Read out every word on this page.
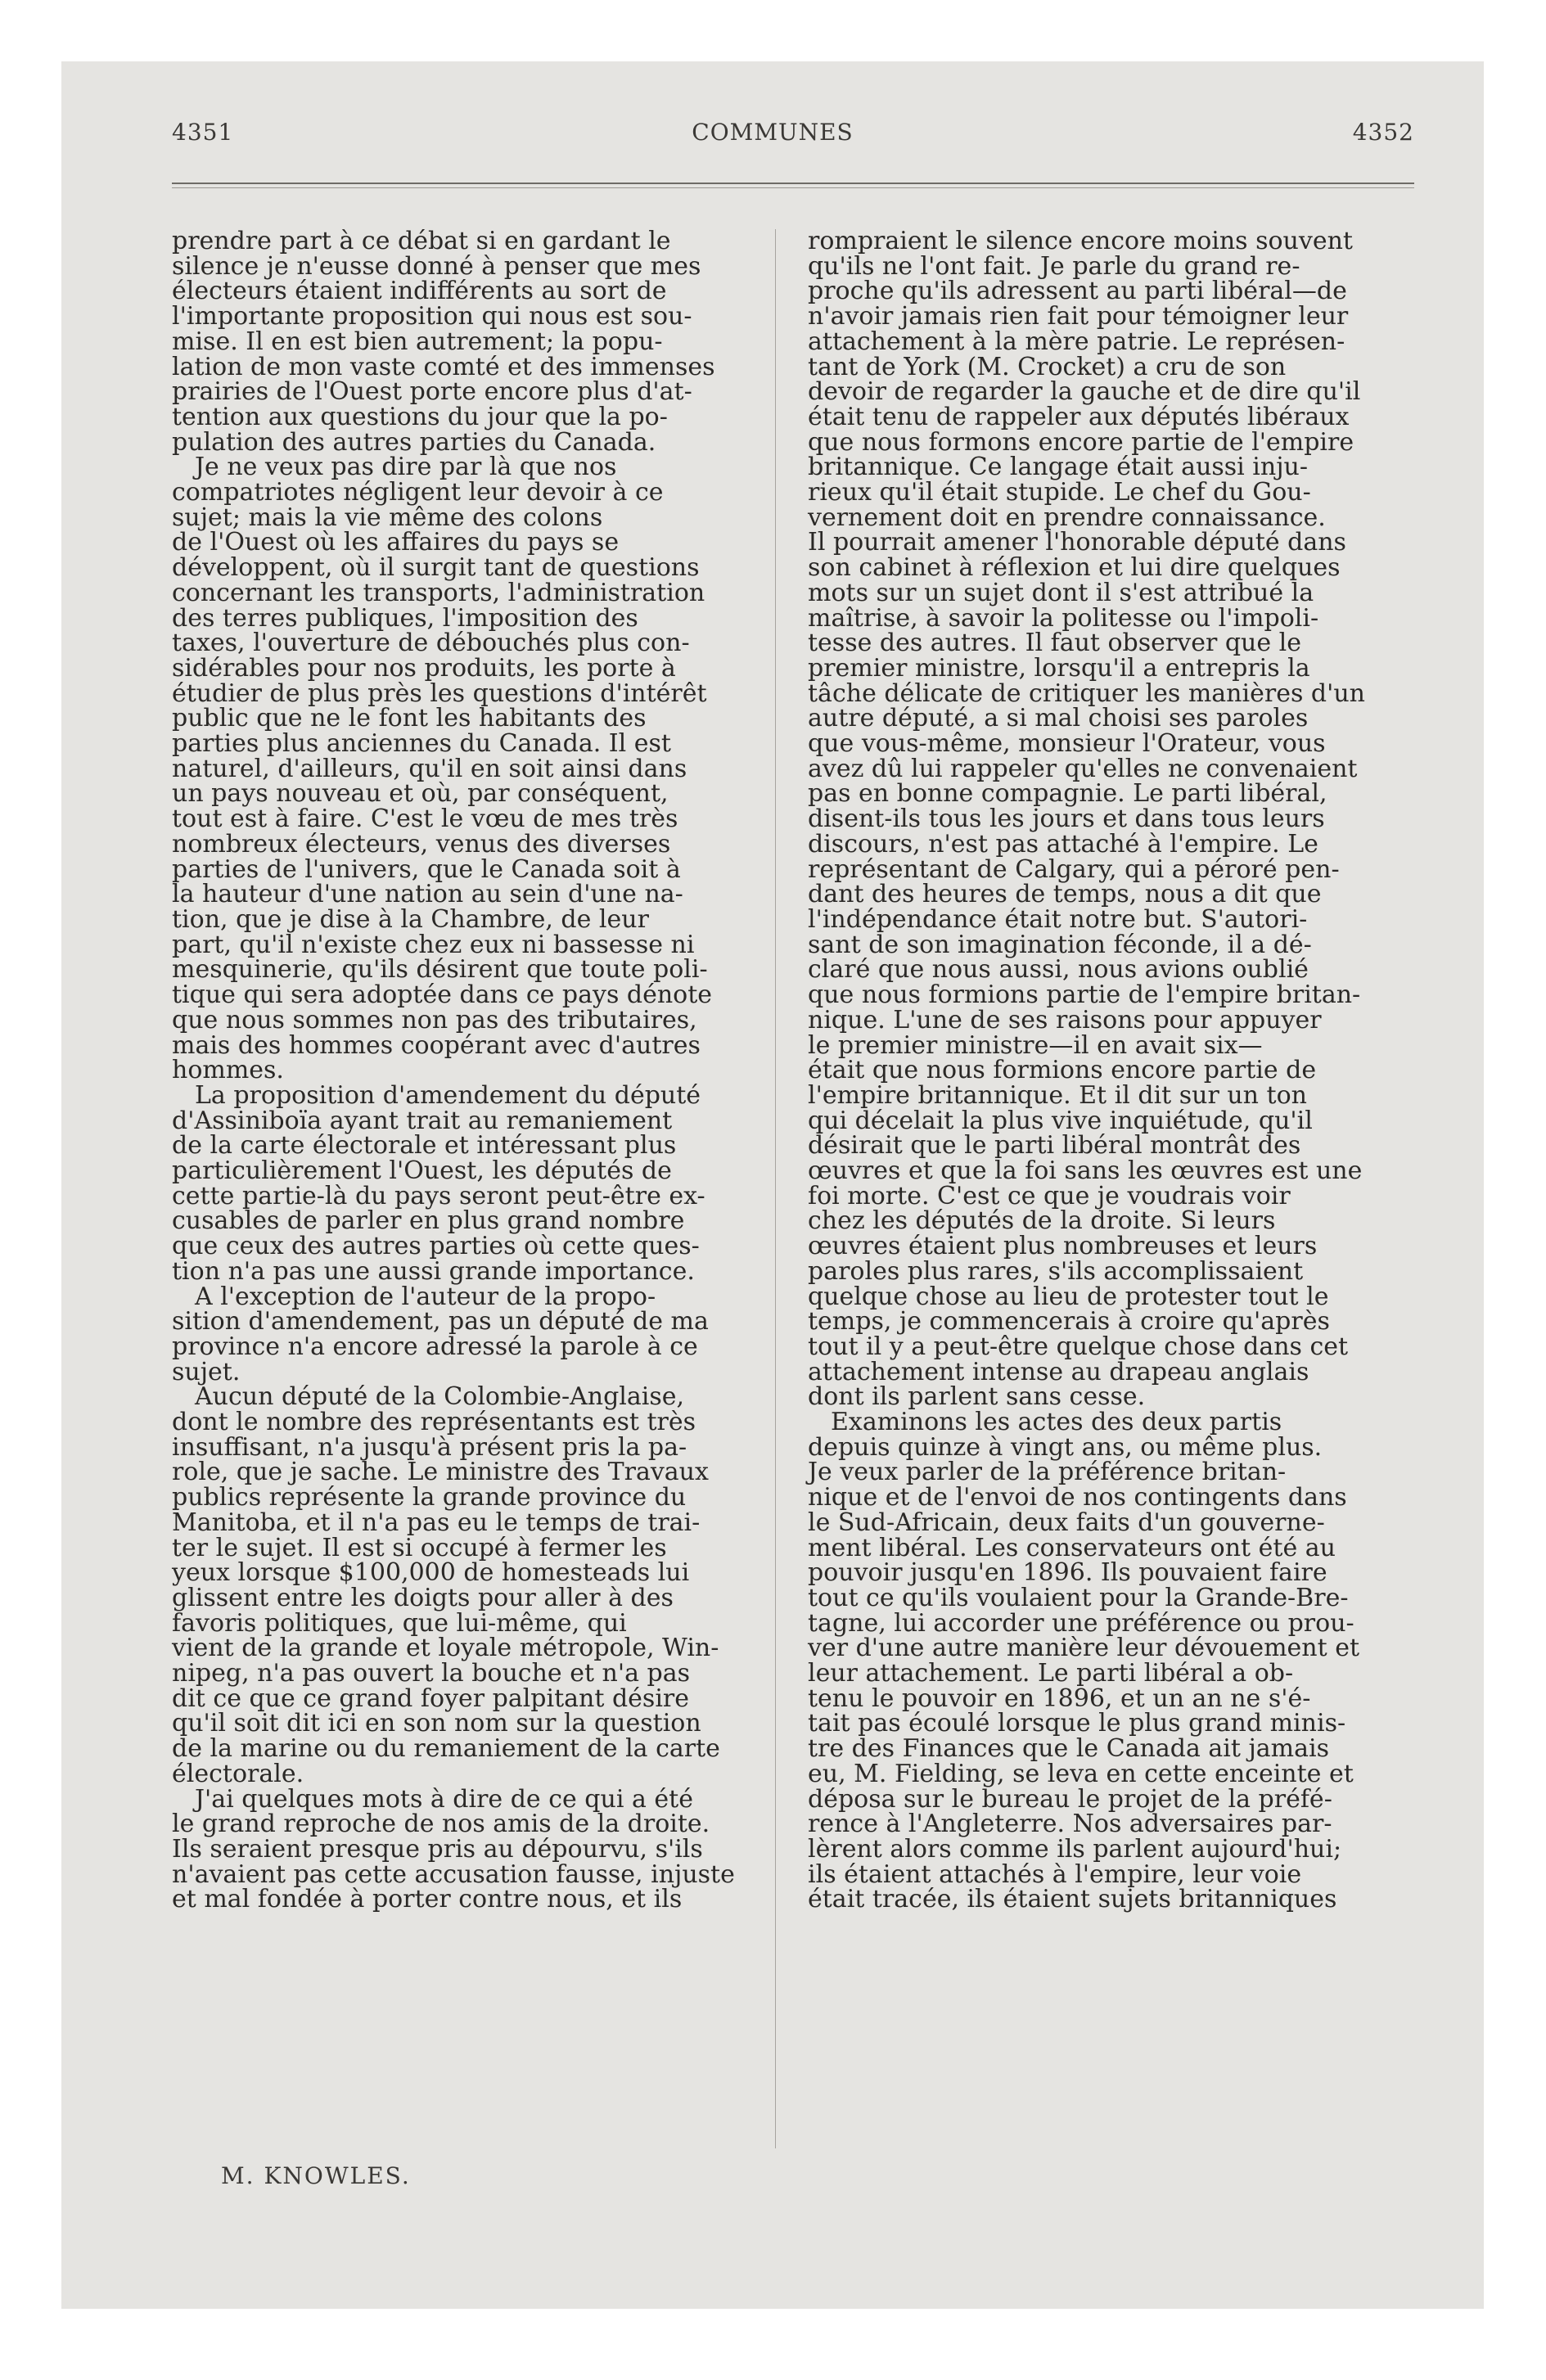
4351	COMMUNES	4352
prendre part à ce débat si en gardant le
silence je n'eusse donné à penser que mes
électeurs étaient indifférents au sort de
l'importante proposition qui nous est sou-
mise. Il en est bien autrement; la popu-
lation de mon vaste comté et des immenses
prairies de l'Ouest porte encore plus d'at-
tention aux questions du jour que la po-
pulation des autres parties du Canada.
Je ne veux pas dire par là que nos
compatriotes négligent leur devoir à ce
sujet; mais la vie même des colons
de l'Ouest où les affaires du pays se
développent, où il surgit tant de questions
concernant les transports, l'administration
des terres publiques, l'imposition des
taxes, l'ouverture de débouchés plus con-
sidérables pour nos produits, les porte à
étudier de plus près les questions d'intérêt
public que ne le font les habitants des
parties plus anciennes du Canada. Il est
naturel, d'ailleurs, qu'il en soit ainsi dans
un pays nouveau et où, par conséquent,
tout est à faire. C'est le vœu de mes très
nombreux électeurs, venus des diverses
parties de l'univers, que le Canada soit à
la hauteur d'une nation au sein d'une na-
tion, que je dise à la Chambre, de leur
part, qu'il n'existe chez eux ni bassesse ni
mesquinerie, qu'ils désirent que toute poli-
tique qui sera adoptée dans ce pays dénote
que nous sommes non pas des tributaires,
mais des hommes coopérant avec d'autres
hommes.
La proposition d'amendement du député
d'Assiniboïa ayant trait au remaniement
de la carte électorale et intéressant plus
particulièrement l'Ouest, les députés de
cette partie-là du pays seront peut-être ex-
cusables de parler en plus grand nombre
que ceux des autres parties où cette ques-
tion n'a pas une aussi grande importance.
A l'exception de l'auteur de la propo-
sition d'amendement, pas un député de ma
province n'a encore adressé la parole à ce
sujet.
Aucun député de la Colombie-Anglaise,
dont le nombre des représentants est très
insuffisant, n'a jusqu'à présent pris la pa-
role, que je sache. Le ministre des Travaux
publics représente la grande province du
Manitoba, et il n'a pas eu le temps de trai-
ter le sujet. Il est si occupé à fermer les
yeux lorsque $100,000 de homesteads lui
glissent entre les doigts pour aller à des
favoris politiques, que lui-même, qui
vient de la grande et loyale métropole, Win-
nipeg, n'a pas ouvert la bouche et n'a pas
dit ce que ce grand foyer palpitant désire
qu'il soit dit ici en son nom sur la question
de la marine ou du remaniement de la carte
électorale.
J'ai quelques mots à dire de ce qui a été
le grand reproche de nos amis de la droite.
Ils seraient presque pris au dépourvu, s'ils
n'avaient pas cette accusation fausse, injuste
et mal fondée à porter contre nous, et ils
rompraient le silence encore moins souvent
qu'ils ne l'ont fait. Je parle du grand re-
proche qu'ils adressent au parti libéral—de
n'avoir jamais rien fait pour témoigner leur
attachement à la mère patrie. Le représen-
tant de York (M. Crocket) a cru de son
devoir de regarder la gauche et de dire qu'il
était tenu de rappeler aux députés libéraux
que nous formons encore partie de l'empire
britannique. Ce langage était aussi inju-
rieux qu'il était stupide. Le chef du Gou-
vernement doit en prendre connaissance.
Il pourrait amener l'honorable député dans
son cabinet à réflexion et lui dire quelques
mots sur un sujet dont il s'est attribué la
maîtrise, à savoir la politesse ou l'impoli-
tesse des autres. Il faut observer que le
premier ministre, lorsqu'il a entrepris la
tâche délicate de critiquer les manières d'un
autre député, a si mal choisi ses paroles
que vous-même, monsieur l'Orateur, vous
avez dû lui rappeler qu'elles ne convenaient
pas en bonne compagnie. Le parti libéral,
disent-ils tous les jours et dans tous leurs
discours, n'est pas attaché à l'empire. Le
représentant de Calgary, qui a péroré pen-
dant des heures de temps, nous a dit que
l'indépendance était notre but. S'autori-
sant de son imagination féconde, il a dé-
claré que nous aussi, nous avions oublié
que nous formions partie de l'empire britan-
nique. L'une de ses raisons pour appuyer
le premier ministre—il en avait six—
était que nous formions encore partie de
l'empire britannique. Et il dit sur un ton
qui décelait la plus vive inquiétude, qu'il
désirait que le parti libéral montrât des
œuvres et que la foi sans les œuvres est une
foi morte. C'est ce que je voudrais voir
chez les députés de la droite. Si leurs
œuvres étaient plus nombreuses et leurs
paroles plus rares, s'ils accomplissaient
quelque chose au lieu de protester tout le
temps, je commencerais à croire qu'après
tout il y a peut-être quelque chose dans cet
attachement intense au drapeau anglais
dont ils parlent sans cesse.
Examinons les actes des deux partis
depuis quinze à vingt ans, ou même plus.
Je veux parler de la préférence britan-
nique et de l'envoi de nos contingents dans
le Sud-Africain, deux faits d'un gouverne-
ment libéral. Les conservateurs ont été au
pouvoir jusqu'en 1896. Ils pouvaient faire
tout ce qu'ils voulaient pour la Grande-Bre-
tagne, lui accorder une préférence ou prou-
ver d'une autre manière leur dévouement et
leur attachement. Le parti libéral a ob-
tenu le pouvoir en 1896, et un an ne s'é-
tait pas écoulé lorsque le plus grand minis-
tre des Finances que le Canada ait jamais
eu, M. Fielding, se leva en cette enceinte et
déposa sur le bureau le projet de la préfé-
rence à l'Angleterre. Nos adversaires par-
lèrent alors comme ils parlent aujourd'hui;
ils étaient attachés à l'empire, leur voie
était tracée, ils étaient sujets britanniques
M. KNOWLES.
